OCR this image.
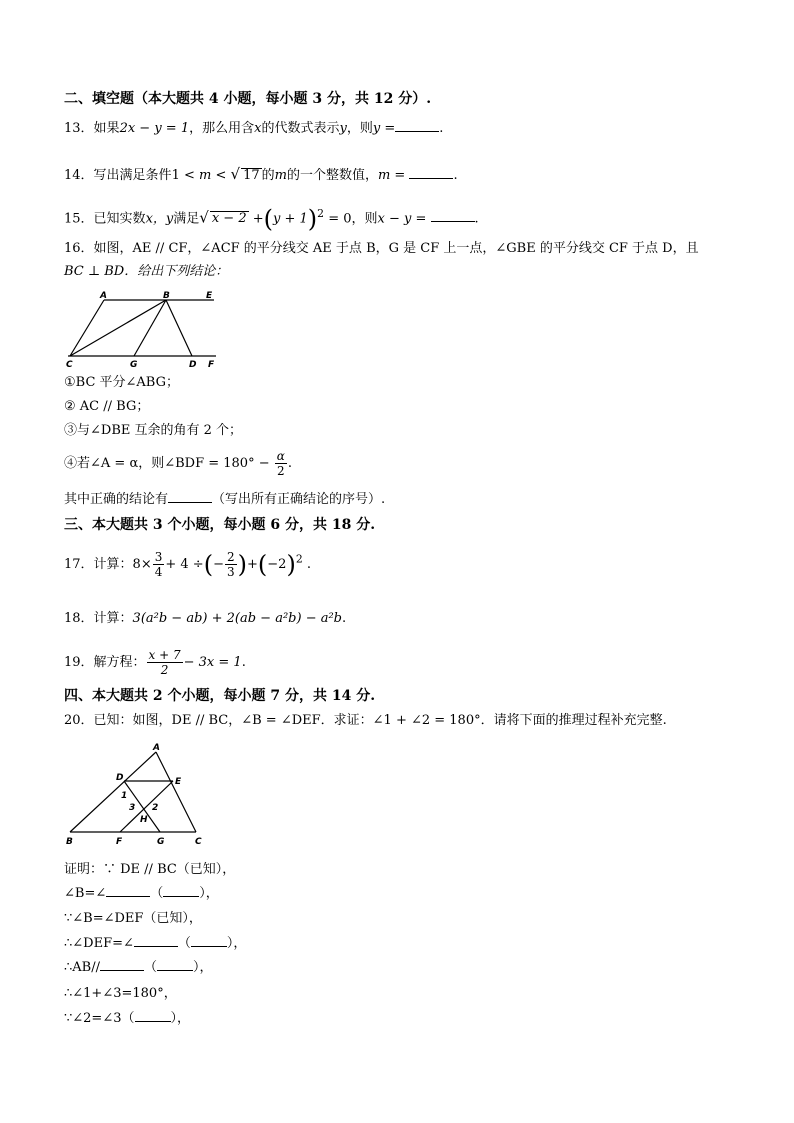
二、填空题（本大题共 4 小题，每小题 3 分，共 12 分）.
13．如果2x − y = 1，那么用含x的代数式表示y，则y =	.
14．写出满足条件1 < m < √ 17 的m的一个整数值，m =	.
15．已知实数x，y满足√ $x - 2 +(y + 1)^2 = 0$，则x − y =	.
16．如图，AE // CF，∠ACF 的平分线交 AE 于点 B，G 是 CF 上一点，∠GBE 的平分线交 CF 于点 D，且
BC ⊥ BD．给出下列结论：
A	B	E
C	G	D F
①BC 平分∠ABG；
② AC // BG；
③与∠DBE 互余的角有 2 个；
④若∠A = α，则∠BDF = $180^\circ - \frac{\alpha}{2}$ .
其中正确的结论有	（写出所有正确结论的序号）.
三、本大题共 3 个小题，每小题 6 分，共 18 分.
17．计算：$8\times \frac{3}{4} + 4$ ÷(− $\frac{2}{3} )+(-2)^2$ .
18．计算：3(a²b − ab) + 2(ab − a²b) − a²b.
19．解方程： $\frac{x + 7}{2} - 3x = 1$.
四、本大题共 2 个小题，每小题 7 分，共 14 分.
20．已知：如图，DE // BC，∠B = ∠DEF．求证：∠1 + ∠2 = 180°．请将下面的推理过程补充完整.
A
D	E
1
3 2
H
B	F	G	C
证明：∵ DE // BC（已知），
∠B=∠	（	），
∵∠B=∠DEF（已知），
∴∠DEF=∠	（	），
∴AB//	（	），
∴∠1+∠3=180°，
∵∠2=∠3（	），
